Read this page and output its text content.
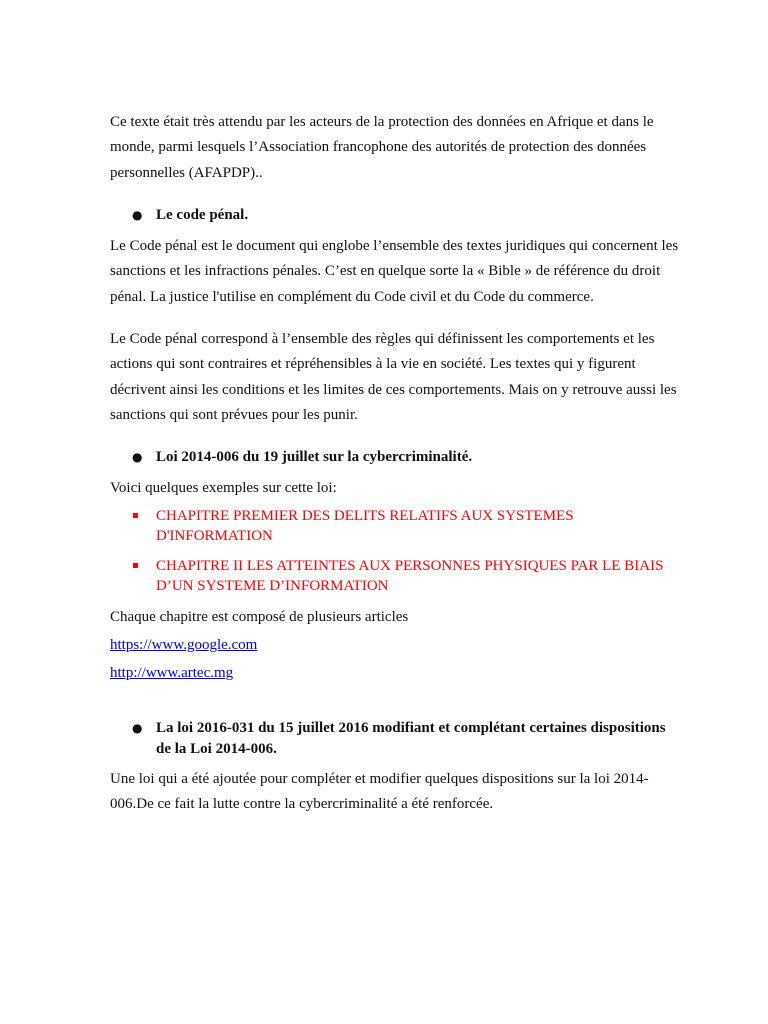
Ce texte était très attendu par les acteurs de la protection des données en Afrique et dans le monde, parmi lesquels l’Association francophone des autorités de protection des données personnelles (AFAPDP)..

● Le code pénal.

Le Code pénal est le document qui englobe l’ensemble des textes juridiques qui concernent les sanctions et les infractions pénales. C’est en quelque sorte la « Bible » de référence du droit pénal. La justice l'utilise en complément du Code civil et du Code du commerce.

Le Code pénal correspond à l’ensemble des règles qui définissent les comportements et les actions qui sont contraires et répréhensibles à la vie en société. Les textes qui y figurent décrivent ainsi les conditions et les limites de ces comportements. Mais on y retrouve aussi les sanctions qui sont prévues pour les punir.

● Loi 2014-006 du 19 juillet sur la cybercriminalité.
Voici quelques exemples sur cette loi:
CHAPITRE PREMIER DES DELITS RELATIFS AUX SYSTEMES D'INFORMATION
CHAPITRE II LES ATTEINTES AUX PERSONNES PHYSIQUES PAR LE BIAIS D’UN SYSTEME D’INFORMATION
Chaque chapitre est composé de plusieurs articles
https://www.google.com
http://www.artec.mg
● La loi 2016-031 du 15 juillet 2016 modifiant et complétant certaines dispositions de la Loi 2014-006.

Une loi qui a été ajoutée pour compléter et modifier quelques dispositions sur la loi 2014-006.De ce fait la lutte contre la cybercriminalité a été renforcée.
